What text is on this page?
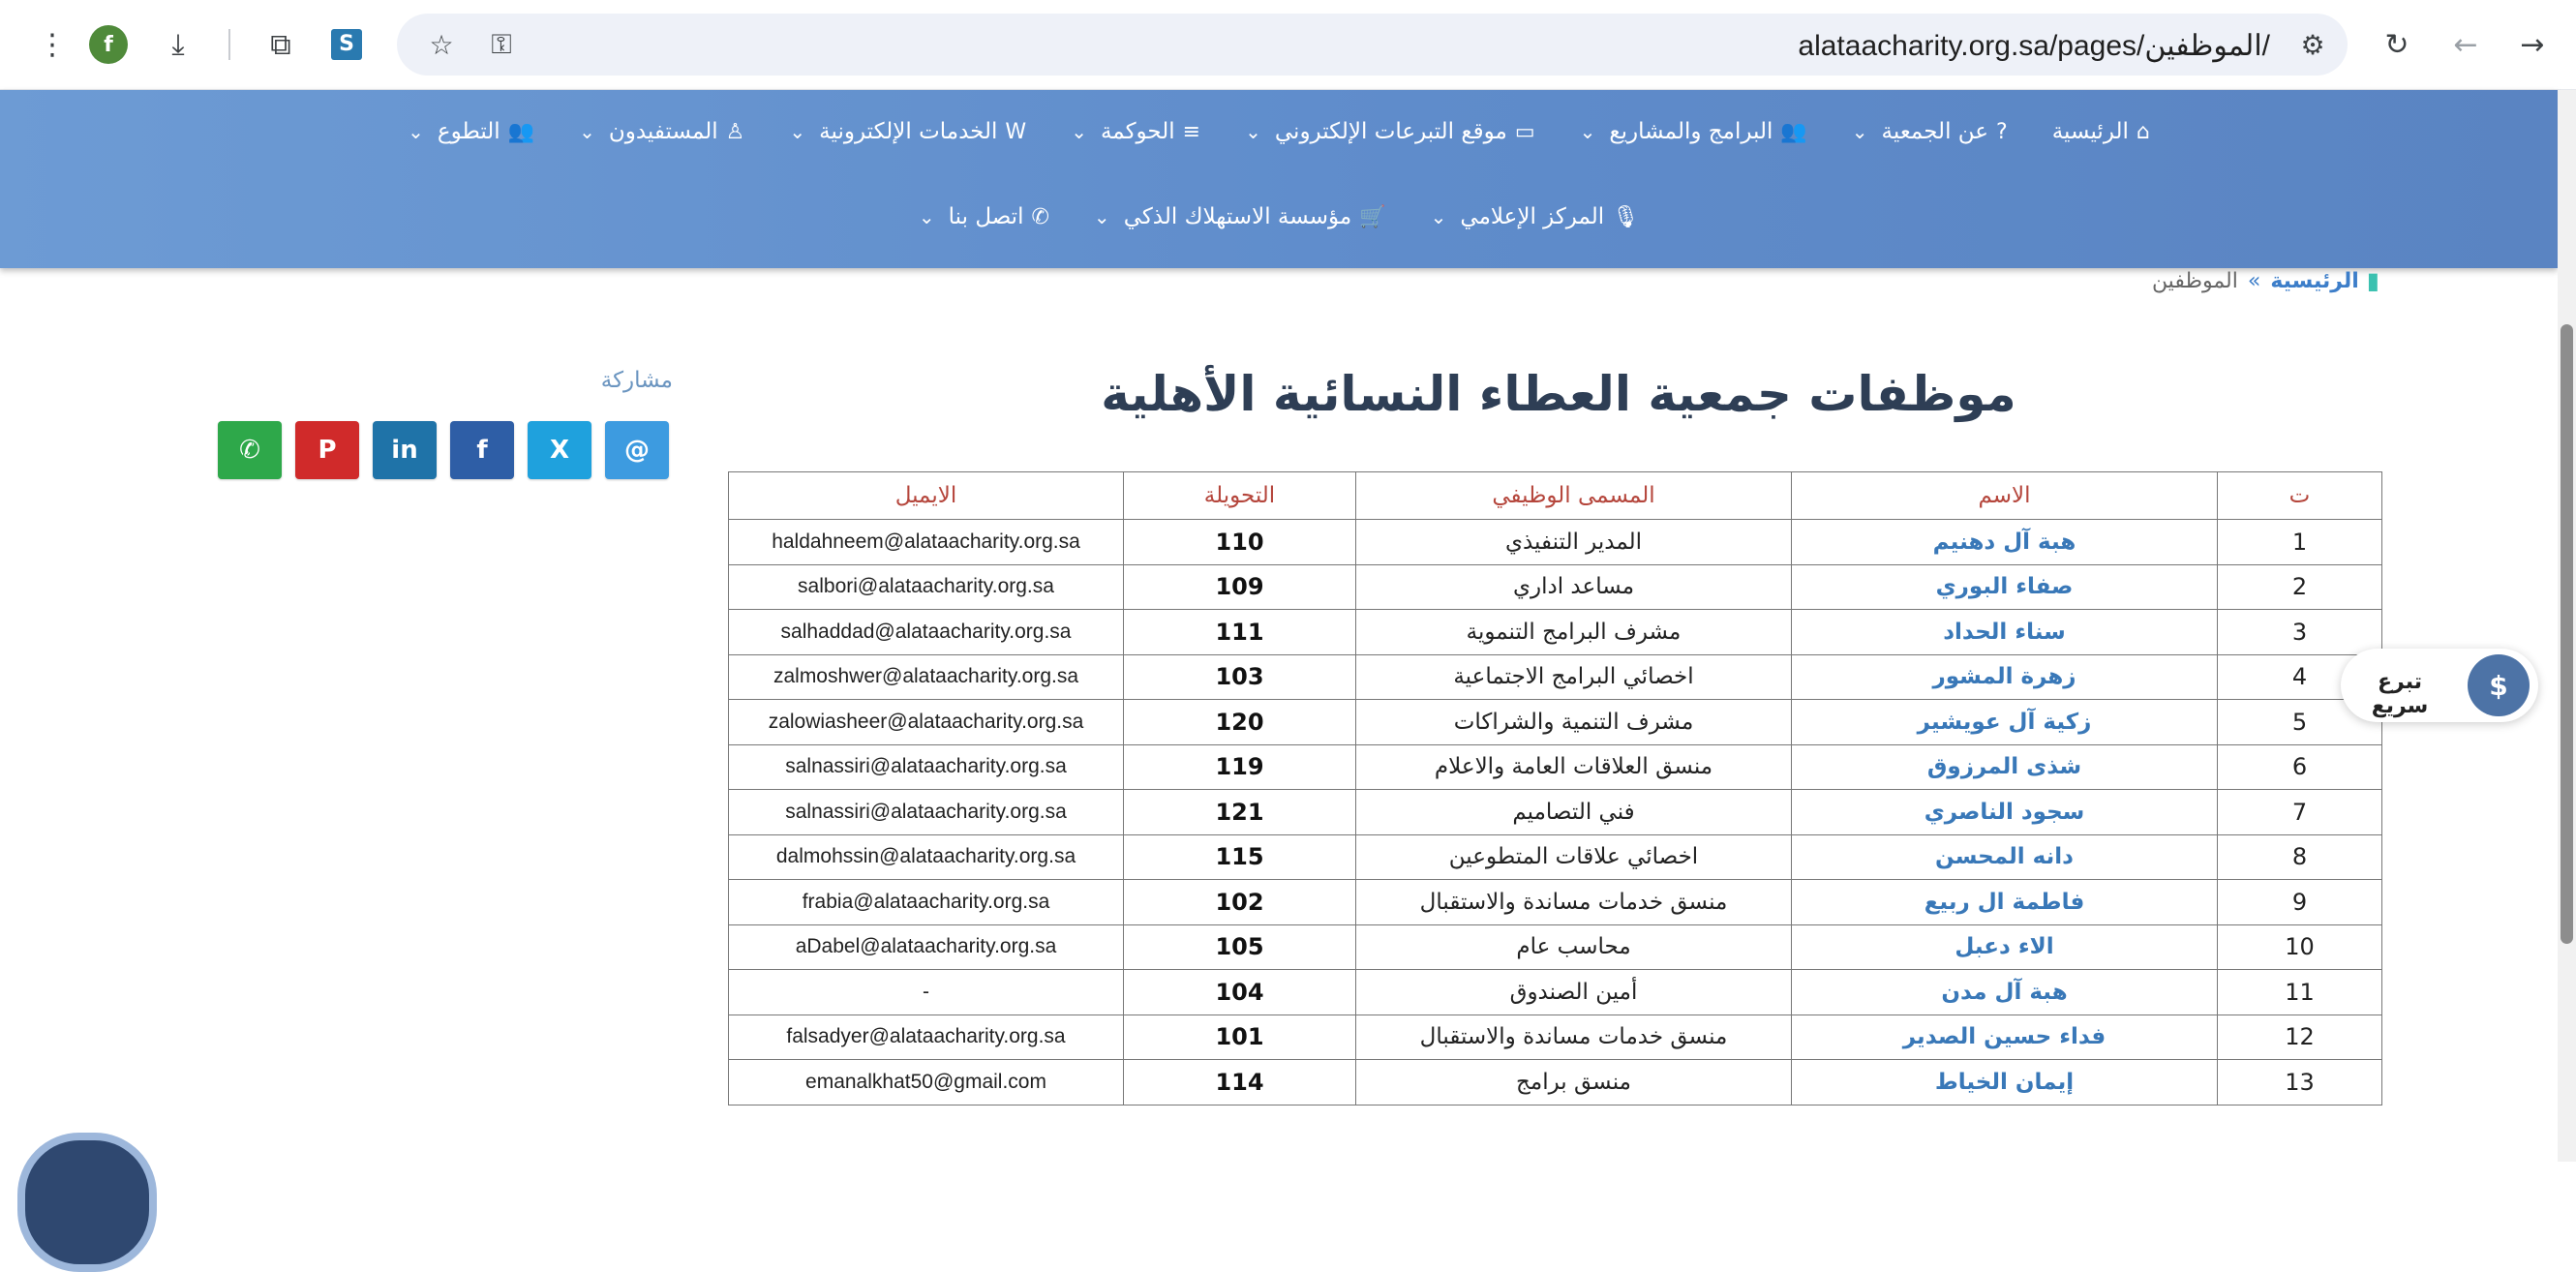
⋮	f	⤓	⧉	S	☆	⚿	alataacharity.org.sa/pages/الموظفين/	⚙	↻	←	→
⌂
الرئيسية
?
عن الجمعية
⌄
👥
البرامج والمشاريع
⌄
▭
موقع التبرعات الإلكتروني
⌄
≡
الحوكمة
⌄
W
الخدمات الإلكترونية
⌄
♙
المستفيدون
⌄
👥
التطوع
⌄
🎙
المركز الإعلامي
⌄
🛒
مؤسسة الاستهلاك الذكي
⌄
✆
اتصل بنا
⌄
▮
الرئيسية
»
الموظفين
موظفات جمعية العطاء النسائية الأهلية
مشاركة
✆ P in f X @
ت	الاسم	المسمى الوظيفي	التحويلة	الايميل
1	هبة آل دهنيم	المدير التنفيذي	110	haldahneem@alataacharity.org.sa
2	صفاء البوري	مساعد اداري	109	salbori@alataacharity.org.sa
3	سناء الحداد	مشرف البرامج التنموية	111	salhaddad@alataacharity.org.sa
4	زهرة المشور	اخصائي البرامج الاجتماعية	103	zalmoshwer@alataacharity.org.sa
5	زكية آل عويشير	مشرف التنمية والشراكات	120	zalowiasheer@alataacharity.org.sa
6	شذى المرزوق	منسق العلاقات العامة والاعلام	119	salnassiri@alataacharity.org.sa
7	سجود الناصري	فني التصاميم	121	salnassiri@alataacharity.org.sa
8	دانه المحسن	اخصائي علاقات المتطوعين	115	dalmohssin@alataacharity.org.sa
9	فاطمة ال ربيع	منسق خدمات مساندة والاستقبال	102	frabia@alataacharity.org.sa
10	الاء دعبل	محاسب عام	105	aDabel@alataacharity.org.sa
11	هبة آل مدن	أمين الصندوق	104	-
12	فداء حسين الصدير	منسق خدمات مساندة والاستقبال	101	falsadyer@alataacharity.org.sa
13	إيمان الخياط	منسق برامج	114	emanalkhat50@gmail.com
تبرع سريع
$
